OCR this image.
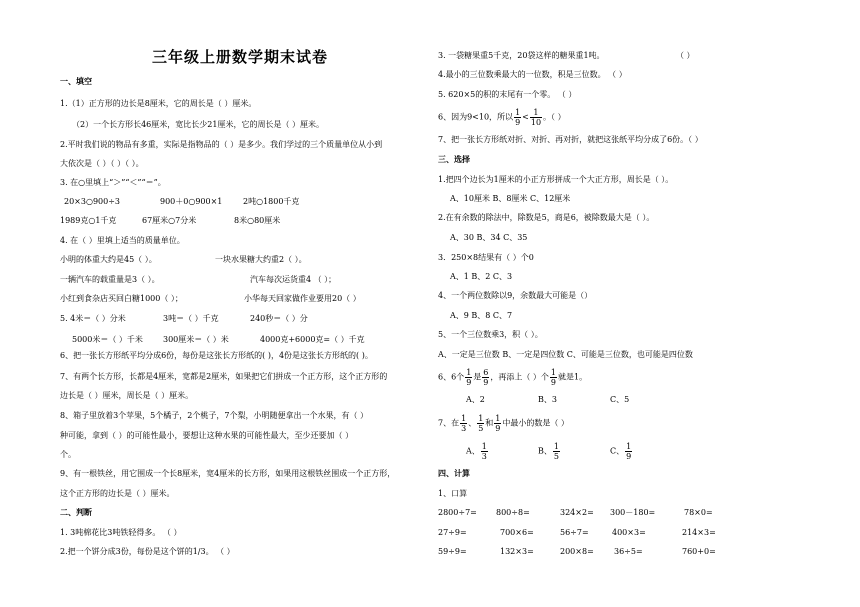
三年级上册数学期末试卷
一、填空
1.（1）正方形的边长是8厘米，它的周长是（ ）厘米。
（2）一个长方形长46厘米，宽比长少21厘米，它的周长是（ ）厘米。
2.平时我们说的物品有多重，实际是指物品的（ ）是多少。我们学过的三个质量单位从小到
大依次是（ ）（ ）（ ）。
3. 在○里填上“＞”“＜”“＝”。
20×3○900÷3	900＋0○900×1	2吨○1800千克
1989克○1千克	67厘米○7分米	8米○80厘米
4. 在（ ）里填上适当的质量单位。
小明的体重大约是45（ ）。	一块水果糖大约重2（ ）。
一辆汽车的载重量是3（ ）。	汽车每次运货重4 （ ）；
小红到食杂店买回白糖1000（ ）；	小华每天回家做作业要用20（ ）
5. 4米＝（ ）分米	3吨＝（ ）千克	240秒＝（ ）分
5000米＝（ ）千米	300厘米＝（ ）米	4000克+6000克=（ ）千克
6、把一张长方形纸平均分成6份，每份是这张长方形纸的( )，4份是这张长方形纸的( )。
7、有两个长方形，长都是4厘米，宽都是2厘米，如果把它们拼成一个正方形，这个正方形的
边长是（ ）厘米，周长是（ ）厘米。
8、箱子里放着3个苹果，5个橘子，2个桃子，7个梨，小明随便拿出一个水果，有（ ）
种可能，拿到（ ）的可能性最小，要想让这种水果的可能性最大，至少还要加（ ）
个。
9、有一根铁丝，用它围成一个长8厘米，宽4厘米的长方形，如果用这根铁丝围成一个正方形，
这个正方形的边长是（ ）厘米。
二、判断
1. 3吨棉花比3吨铁轻得多。 （ ）
2.把一个饼分成3份，每份是这个饼的1/3。 （ ）
3. 一袋糖果重5千克，20袋这样的糖果重1吨。	（ ）
4.最小的三位数乘最大的一位数，积是三位数。 （ ）
5. 620×5的积的末尾有一个零。 （ ）
6、因为9<10，所以 $\frac{1}{9} < \frac{1}{10}$ 。（ ）
7、把一张长方形纸对折、对折、再对折，就把这张纸平均分成了6份。（ ）
三、选择
1.把四个边长为1厘米的小正方形拼成一个大正方形，周长是（ ）。
A、10厘米 B、8厘米 C、12厘米
2.在有余数的除法中，除数是5，商是6，被除数最大是（ ）。
A、30 B、34 C、35
3．250×8结果有（ ）个0
A、1 B、2 C、3
4、一个两位数除以9，余数最大可能是（）
A、9 B、8 C、7
5、一个三位数乘3，积（ ）。
A、一定是三位数 B、一定是四位数 C、可能是三位数，也可能是四位数
6、6个 $\frac{1}{9}$ 是 $\frac{6}{9}$ ，再添上（ ）个 $\frac{1}{9}$ 就是1。
A、2	B、3	C、5
7、在 $\frac{1}{3}$ 、 $\frac{1}{5}$ 和 $\frac{1}{9}$ 中最小的数是（ ）
A、 $\frac{1}{3}$	B、 $\frac{1}{5}$	C、 $\frac{1}{9}$
四、计算
1、口算
2800÷7= 800÷8=	324×2= 300－180=	78×0=
27÷9=	700×6=	56÷7=	400×3=	214×3=
59÷9=	132×3=	200×8=	36÷5=	760+0=
